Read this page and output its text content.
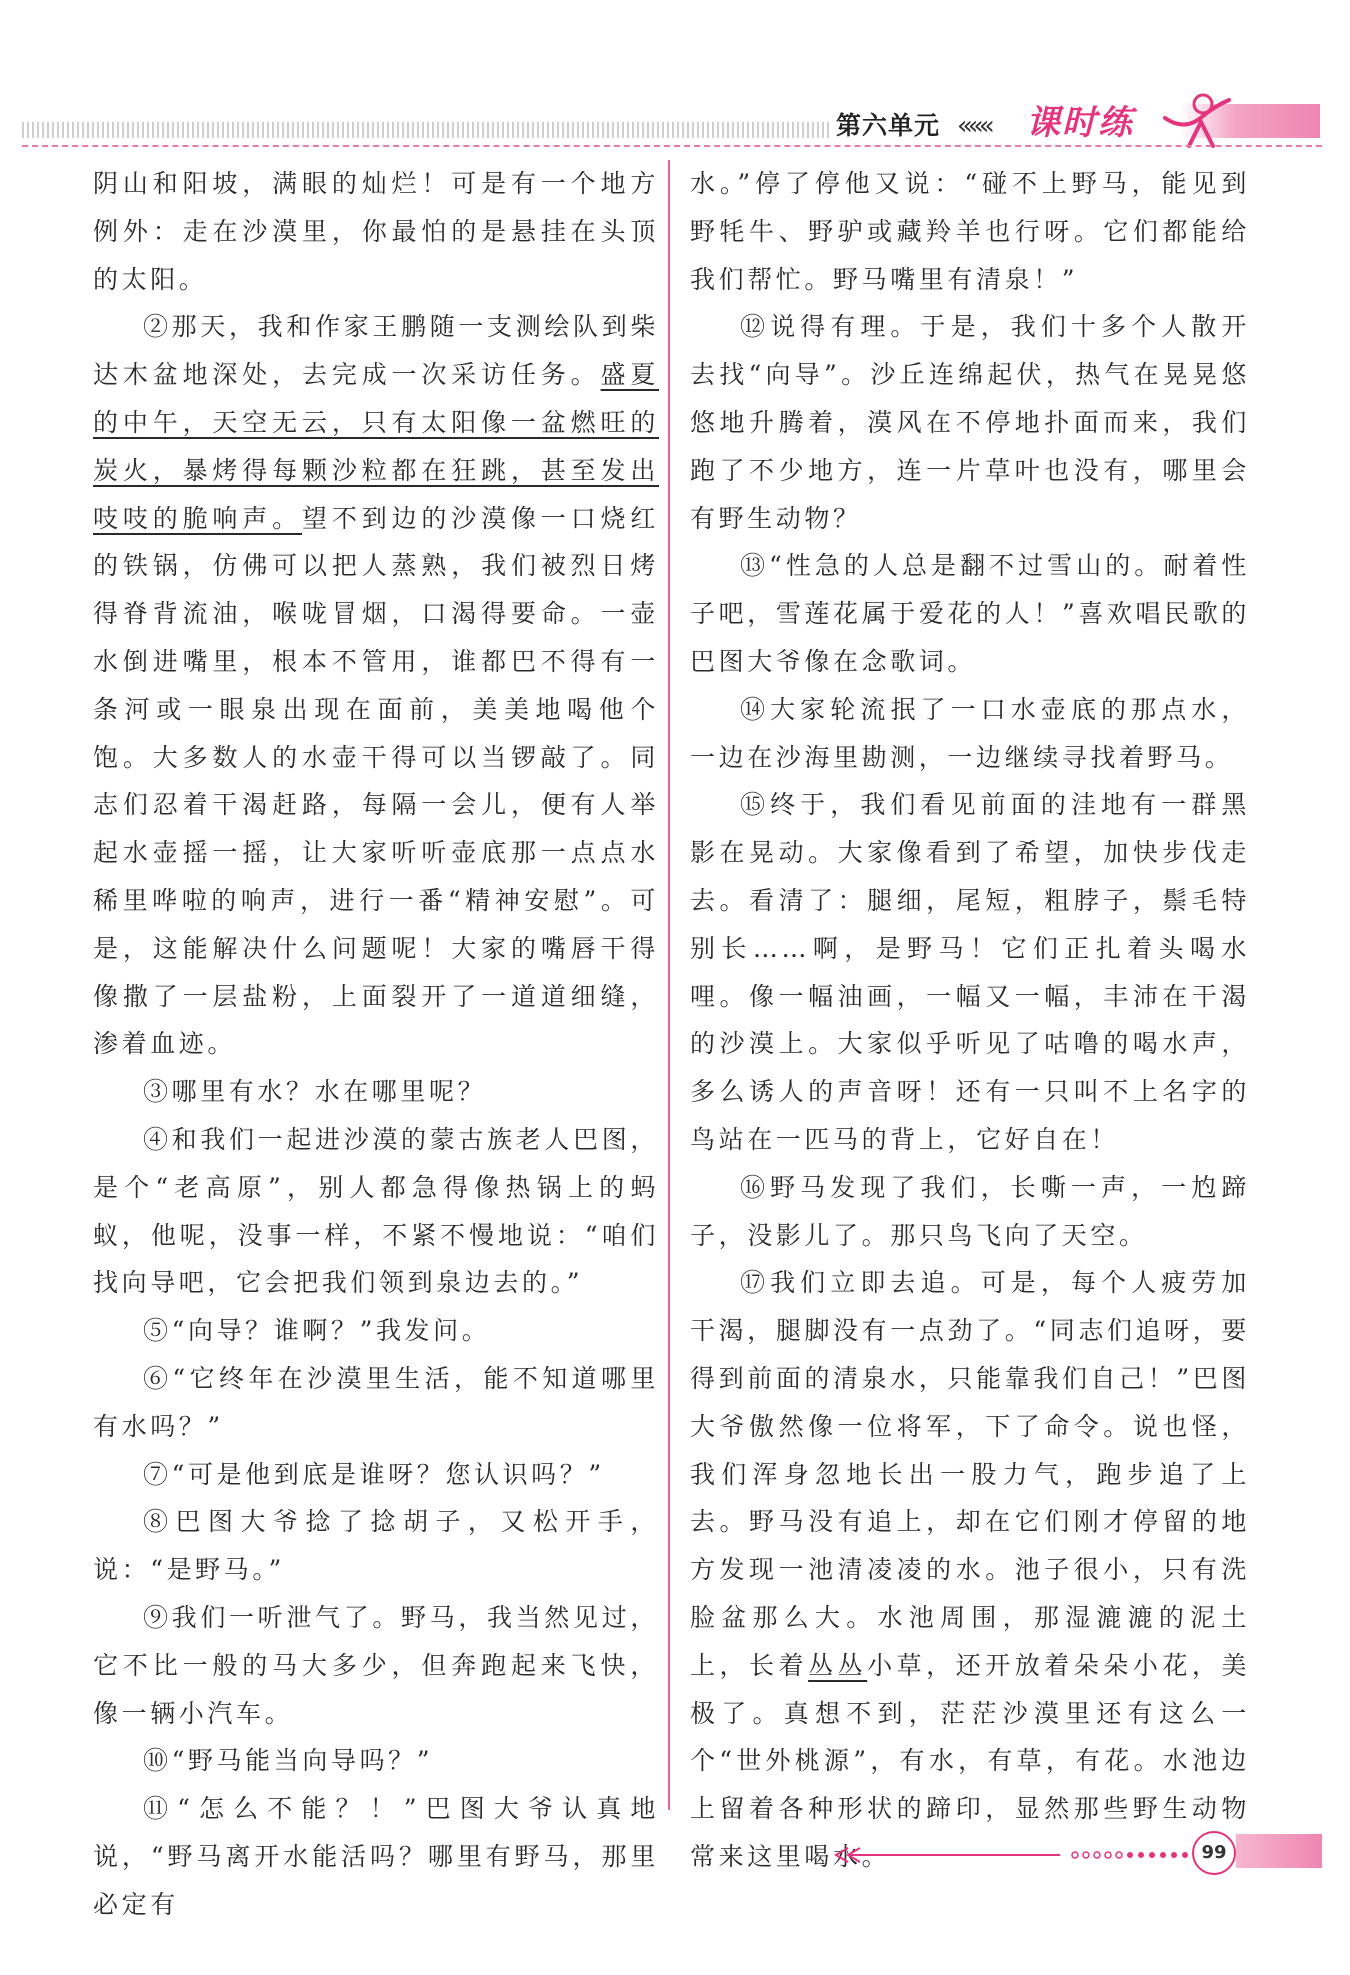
第六单元 ««« 课时练

阴山和阳坡，满眼的灿烂！可是有一个地方例外：走在沙漠里，你最怕的是悬挂在头顶的太阳。

②那天，我和作家王鹏随一支测绘队到柴达木盆地深处，去完成一次采访任务。盛夏的中午，天空无云，只有太阳像一盆燃旺的炭火，暴烤得每颗沙粒都在狂跳，甚至发出吱吱的脆响声。望不到边的沙漠像一口烧红的铁锅，仿佛可以把人蒸熟，我们被烈日烤得脊背流油，喉咙冒烟，口渴得要命。一壶水倒进嘴里，根本不管用，谁都巴不得有一条河或一眼泉出现在面前，美美地喝他个饱。大多数人的水壶干得可以当锣敲了。同志们忍着干渴赶路，每隔一会儿，便有人举起水壶摇一摇，让大家听听壶底那一点点水稀里哗啦的响声，进行一番“精神安慰”。可是，这能解决什么问题呢！大家的嘴唇干得像撒了一层盐粉，上面裂开了一道道细缝，渗着血迹。

③哪里有水？水在哪里呢？

④和我们一起进沙漠的蒙古族老人巴图，是个“老高原”，别人都急得像热锅上的蚂蚁，他呢，没事一样，不紧不慢地说：“咱们找向导吧，它会把我们领到泉边去的。”

⑤“向导？谁啊？”我发问。

⑥“它终年在沙漠里生活，能不知道哪里有水吗？”

⑦“可是他到底是谁呀？您认识吗？”

⑧巴图大爷捻了捻胡子，又松开手，说：“是野马。”

⑨我们一听泄气了。野马，我当然见过，它不比一般的马大多少，但奔跑起来飞快，像一辆小汽车。

⑩“野马能当向导吗？”

⑪“怎么不能？！”巴图大爷认真地说，“野马离开水能活吗？哪里有野马，那里必定有

水。”停了停他又说：“碰不上野马，能见到野牦牛、野驴或藏羚羊也行呀。它们都能给我们帮忙。野马嘴里有清泉！”

⑫说得有理。于是，我们十多个人散开去找“向导”。沙丘连绵起伏，热气在晃晃悠悠地升腾着，漠风在不停地扑面而来，我们跑了不少地方，连一片草叶也没有，哪里会有野生动物？

⑬“性急的人总是翻不过雪山的。耐着性子吧，雪莲花属于爱花的人！”喜欢唱民歌的巴图大爷像在念歌词。

⑭大家轮流抿了一口水壶底的那点水，一边在沙海里勘测，一边继续寻找着野马。

⑮终于，我们看见前面的洼地有一群黑影在晃动。大家像看到了希望，加快步伐走去。看清了：腿细，尾短，粗脖子，鬃毛特别长……啊，是野马！它们正扎着头喝水哩。像一幅油画，一幅又一幅，丰沛在干渴的沙漠上。大家似乎听见了咕噜的喝水声，多么诱人的声音呀！还有一只叫不上名字的鸟站在一匹马的背上，它好自在！

⑯野马发现了我们，长嘶一声，一尥蹄子，没影儿了。那只鸟飞向了天空。

⑰我们立即去追。可是，每个人疲劳加干渴，腿脚没有一点劲了。“同志们追呀，要得到前面的清泉水，只能靠我们自己！”巴图大爷傲然像一位将军，下了命令。说也怪，我们浑身忽地长出一股力气，跑步追了上去。野马没有追上，却在它们刚才停留的地方发现一池清凌凌的水。池子很小，只有洗脸盆那么大。水池周围，那湿漉漉的泥土上，长着丛丛小草，还开放着朵朵小花，美极了。真想不到，茫茫沙漠里还有这么一个“世外桃源”，有水，有草，有花。水池边上留着各种形状的蹄印，显然那些野生动物常来这里喝水。	99
